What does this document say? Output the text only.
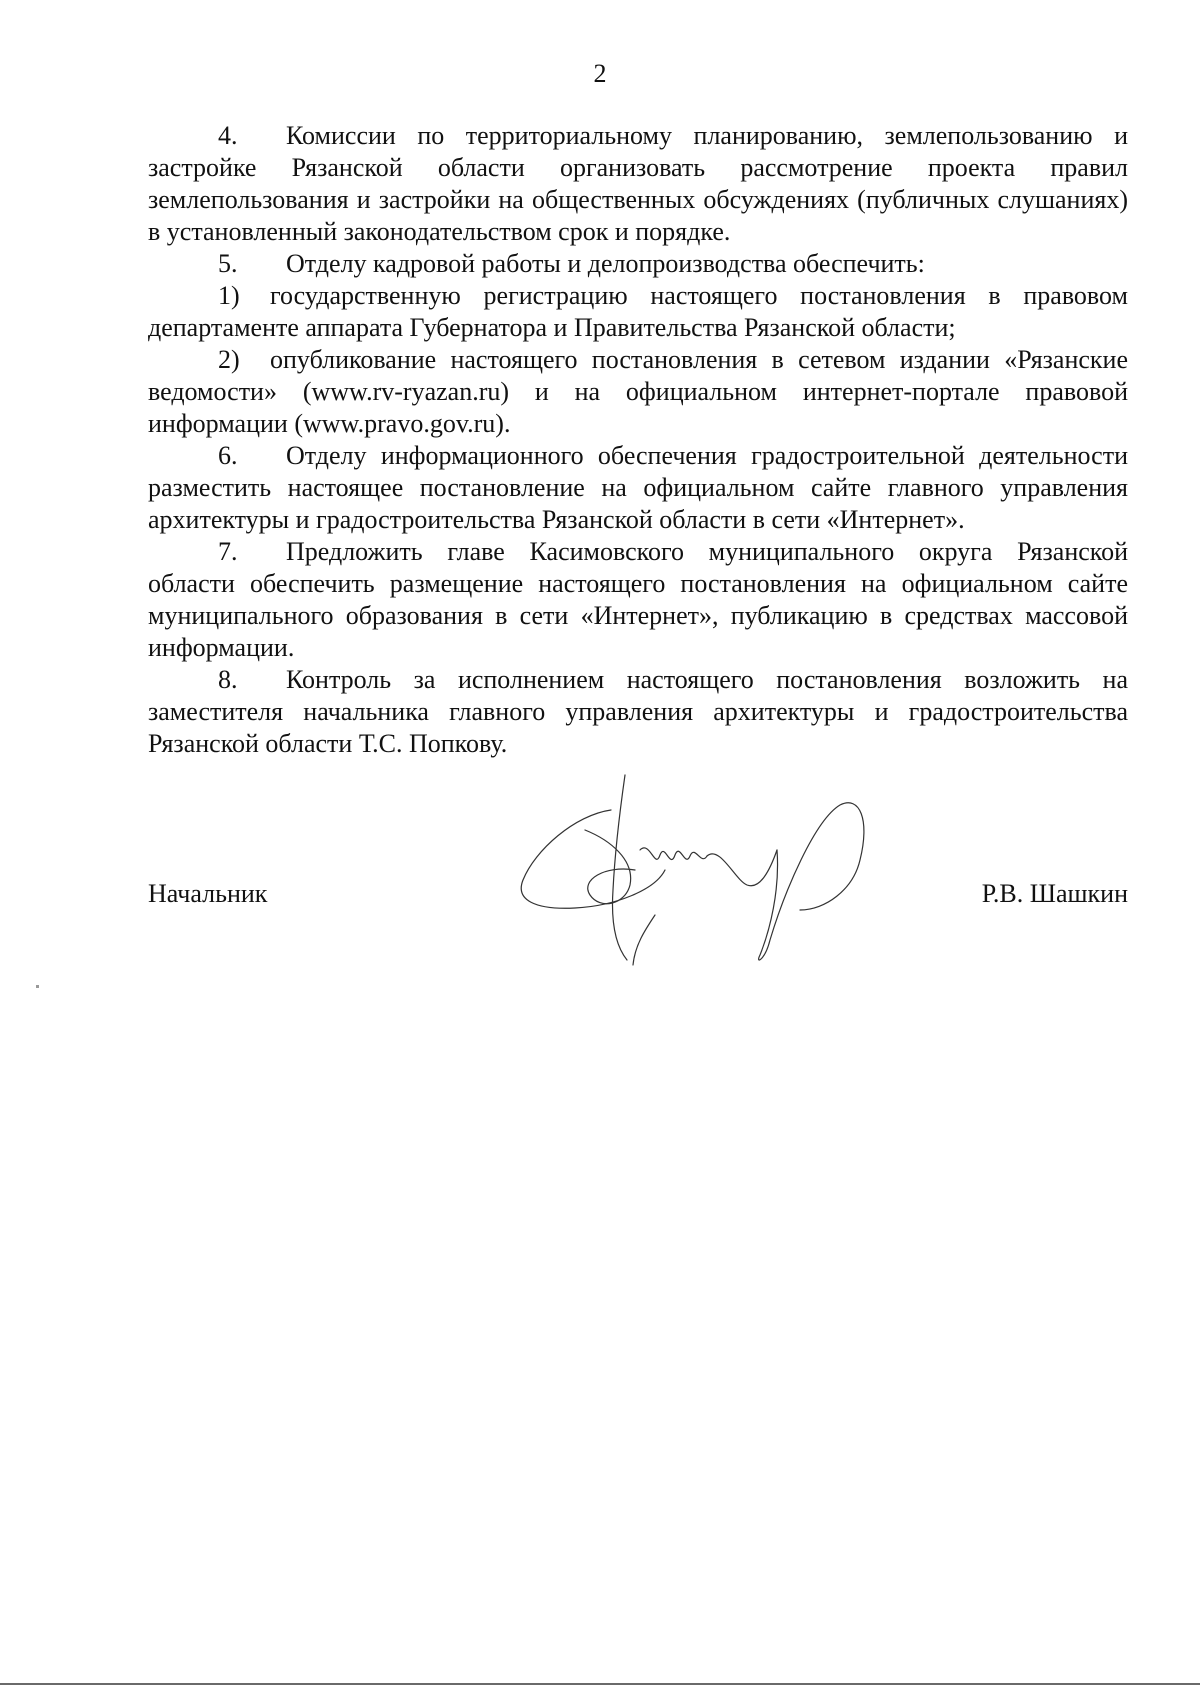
2

4. Комиссии по территориальному планированию, землепользованию и застройке Рязанской области организовать рассмотрение проекта правил землепользования и застройки на общественных обсуждениях (публичных слушаниях) в установленный законодательством срок и порядке.

5. Отделу кадровой работы и делопроизводства обеспечить:

1) государственную регистрацию настоящего постановления в правовом департаменте аппарата Губернатора и Правительства Рязанской области;

2) опубликование настоящего постановления в сетевом издании «Рязанские ведомости» (www.rv-ryazan.ru) и на официальном интернет-портале правовой информации (www.pravo.gov.ru).

6. Отделу информационного обеспечения градостроительной деятельности разместить настоящее постановление на официальном сайте главного управления архитектуры и градостроительства Рязанской области в сети «Интернет».

7. Предложить главе Касимовского муниципального округа Рязанской области обеспечить размещение настоящего постановления на официальном сайте муниципального образования в сети «Интернет», публикацию в средствах массовой информации.

8. Контроль за исполнением настоящего постановления возложить на заместителя начальника главного управления архитектуры и градостроительства Рязанской области Т.С. Попкову.

Начальник	Р.В. Шашкин
